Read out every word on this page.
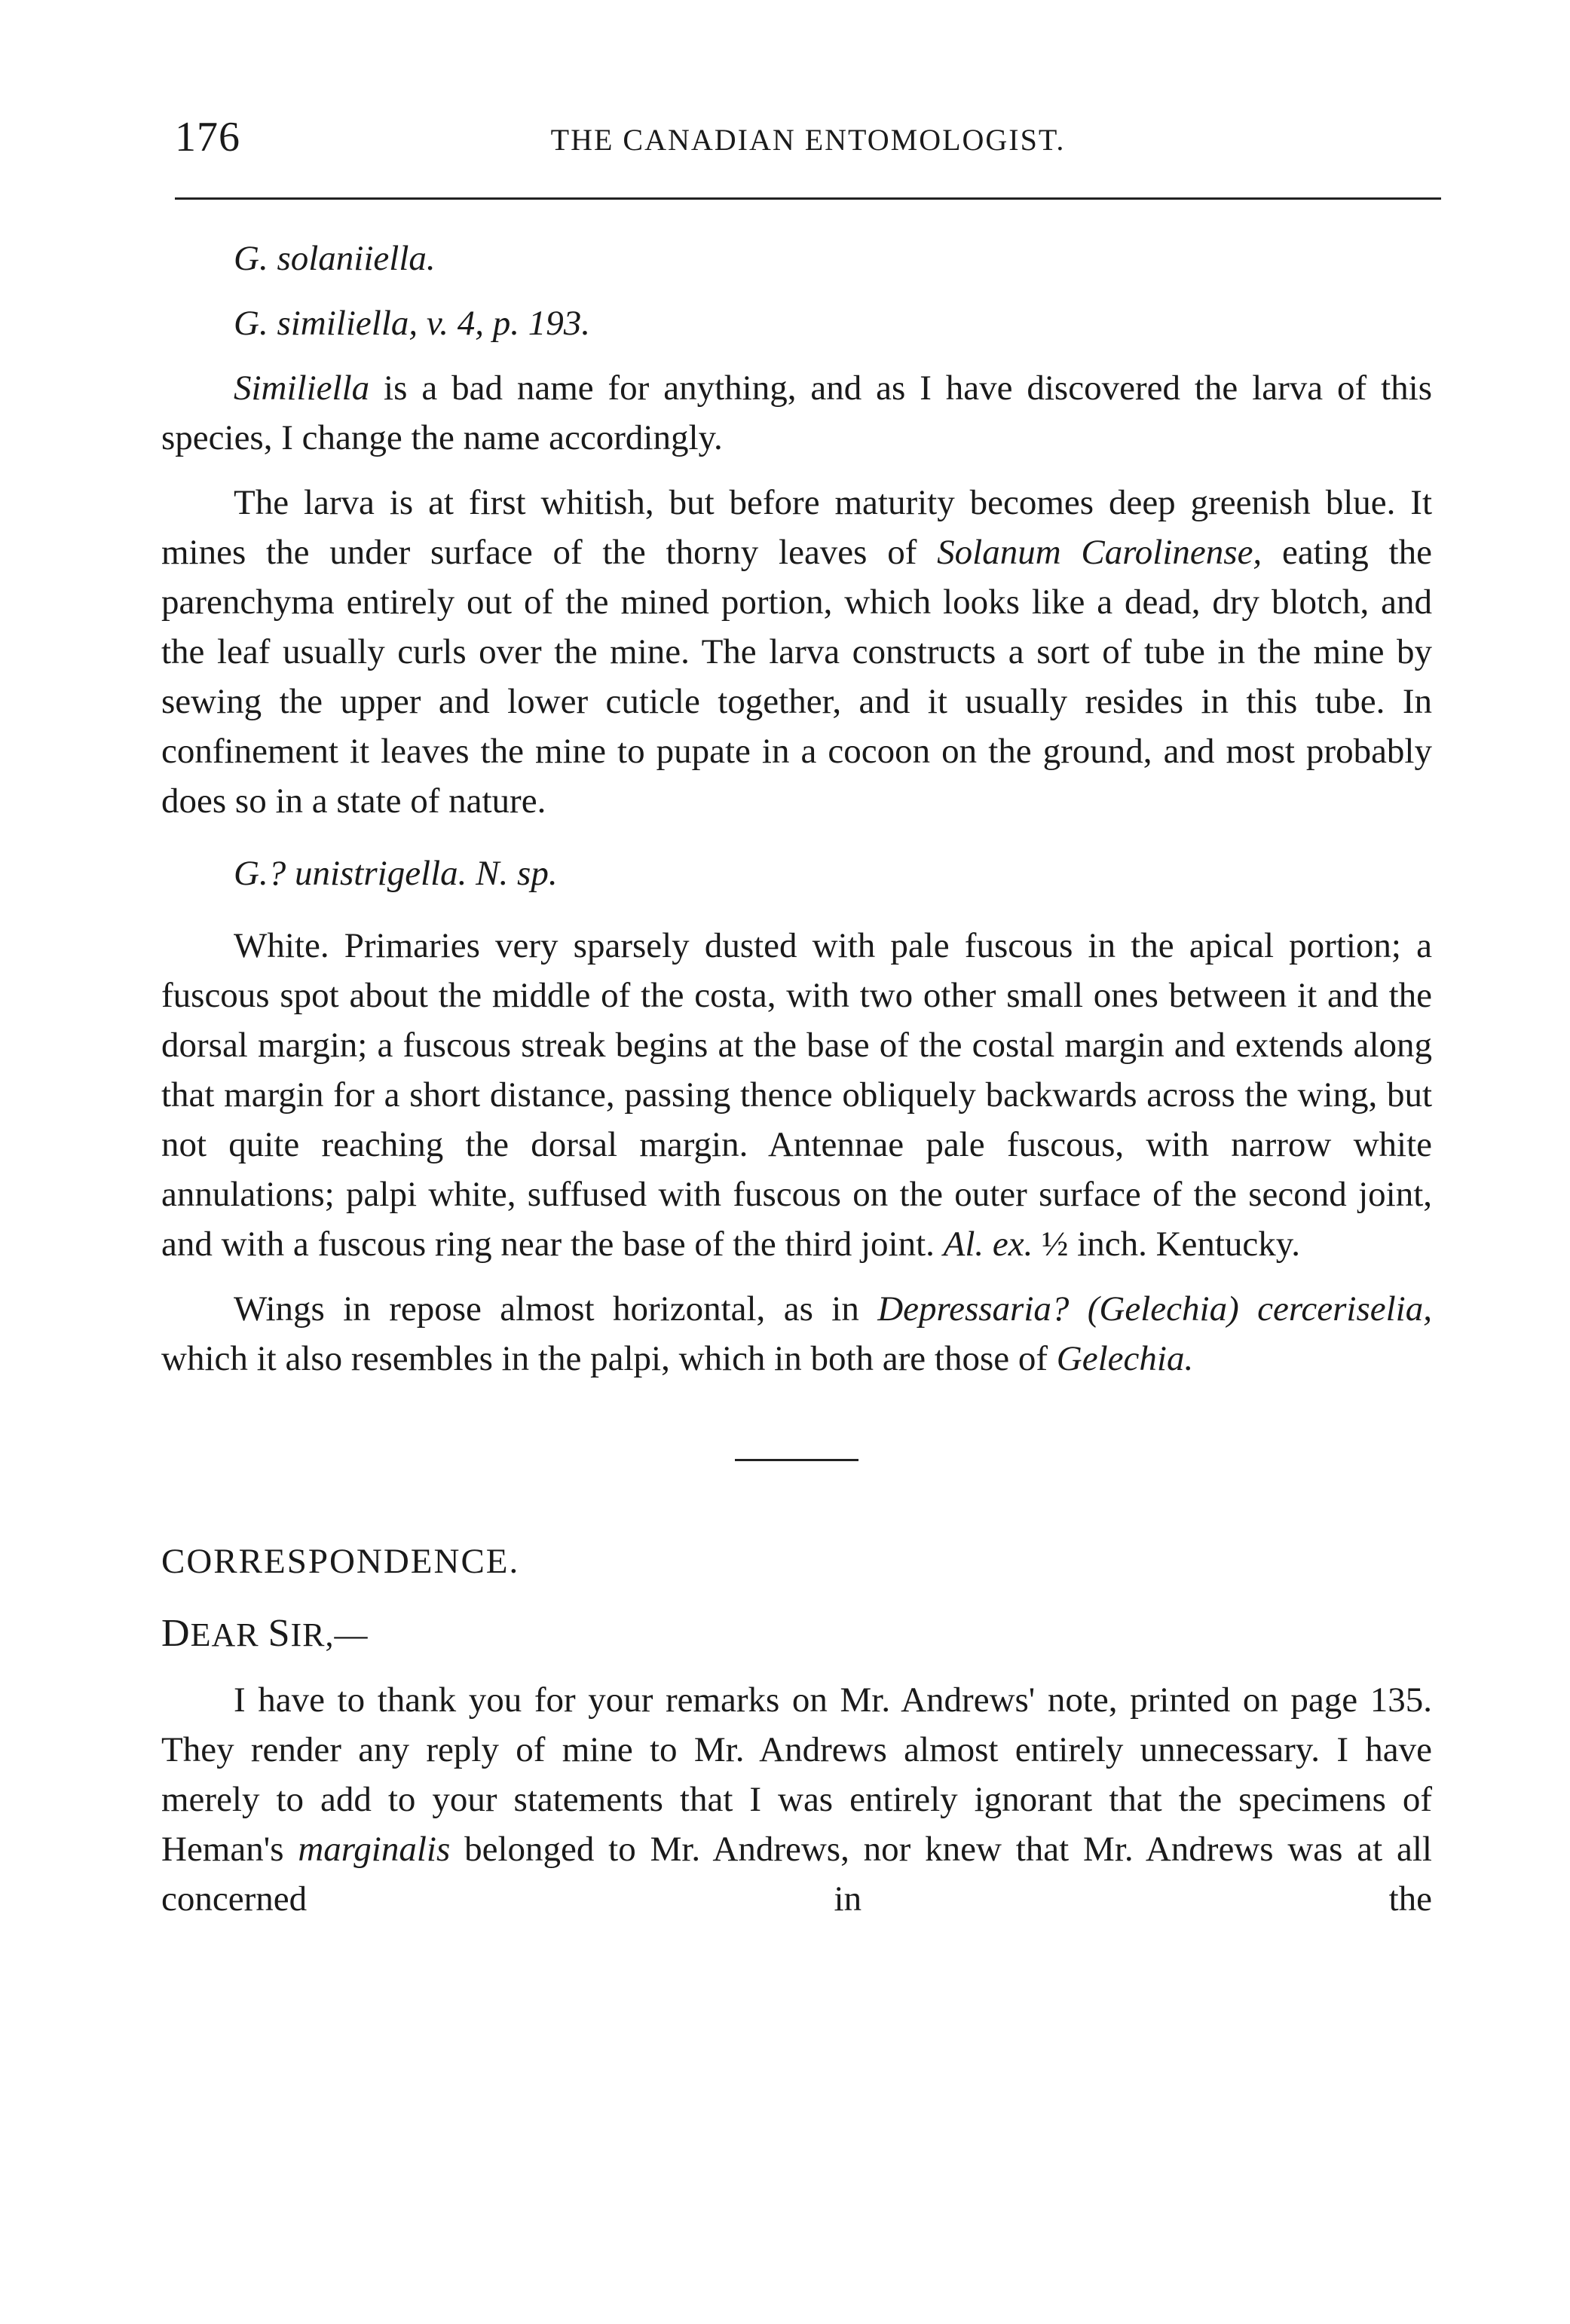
176	THE CANADIAN ENTOMOLOGIST.

G. solaniiella.

G. similiella, v. 4, p. 193.

Similiella is a bad name for anything, and as I have discovered the larva of this species, I change the name accordingly.

The larva is at first whitish, but before maturity becomes deep greenish blue. It mines the under surface of the thorny leaves of Solanum Carolinense, eating the parenchyma entirely out of the mined portion, which looks like a dead, dry blotch, and the leaf usually curls over the mine. The larva constructs a sort of tube in the mine by sewing the upper and lower cuticle together, and it usually resides in this tube. In confinement it leaves the mine to pupate in a cocoon on the ground, and most probably does so in a state of nature.

G.? unistrigella. N. sp.

White. Primaries very sparsely dusted with pale fuscous in the apical portion; a fuscous spot about the middle of the costa, with two other small ones between it and the dorsal margin; a fuscous streak begins at the base of the costal margin and extends along that margin for a short distance, passing thence obliquely backwards across the wing, but not quite reaching the dorsal margin. Antennae pale fuscous, with narrow white annulations; palpi white, suffused with fuscous on the outer surface of the second joint, and with a fuscous ring near the base of the third joint. Al. ex. ½ inch. Kentucky.

Wings in repose almost horizontal, as in Depressaria? (Gelechia) cerceriselia, which it also resembles in the palpi, which in both are those of Gelechia.

CORRESPONDENCE.

DEAR SIR,—

I have to thank you for your remarks on Mr. Andrews' note, printed on page 135. They render any reply of mine to Mr. Andrews almost entirely unnecessary. I have merely to add to your statements that I was entirely ignorant that the specimens of Heman's marginalis belonged to Mr. Andrews, nor knew that Mr. Andrews was at all concerned in the
